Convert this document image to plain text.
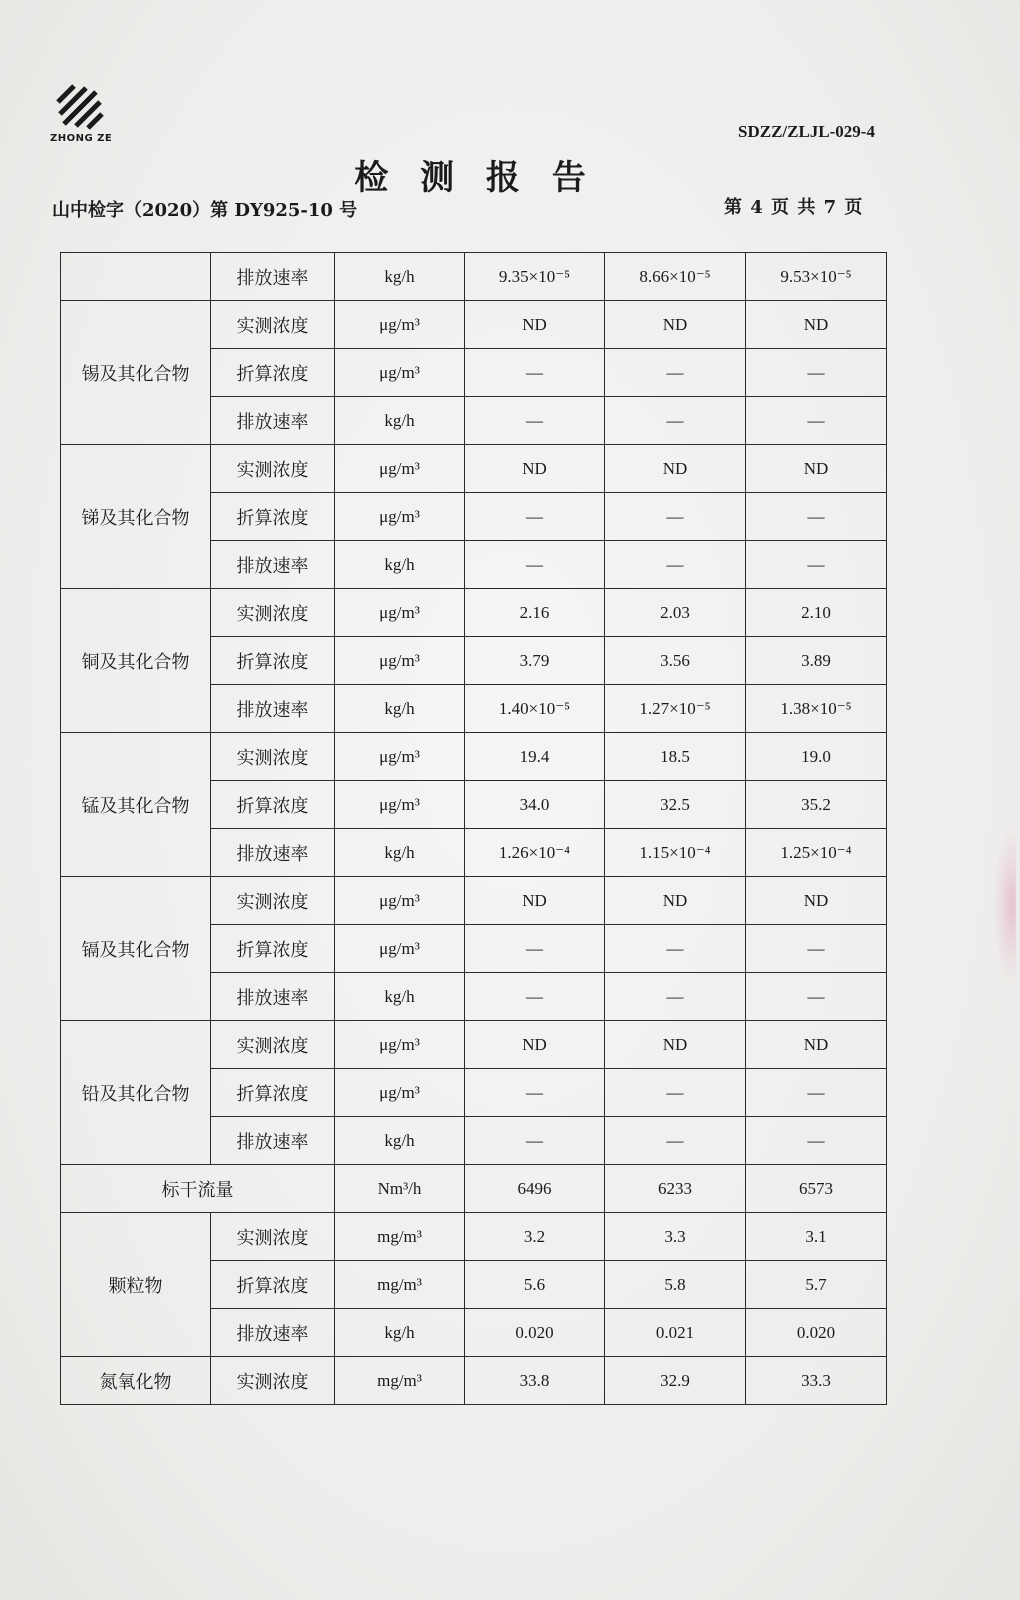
ZHONG ZE	SDZZ/ZLJL-029-4
检 测 报 告
山中检字（2020）第 DY925-10 号	第 4 页 共 7 页
	排放速率	kg/h	9.35×10⁻⁵	8.66×10⁻⁵	9.53×10⁻⁵
锡及其化合物	实测浓度	μg/m³	ND	ND	ND
	折算浓度	μg/m³	—	—	—
	排放速率	kg/h	—	—	—
锑及其化合物	实测浓度	μg/m³	ND	ND	ND
	折算浓度	μg/m³	—	—	—
	排放速率	kg/h	—	—	—
铜及其化合物	实测浓度	μg/m³	2.16	2.03	2.10
	折算浓度	μg/m³	3.79	3.56	3.89
	排放速率	kg/h	1.40×10⁻⁵	1.27×10⁻⁵	1.38×10⁻⁵
锰及其化合物	实测浓度	μg/m³	19.4	18.5	19.0
	折算浓度	μg/m³	34.0	32.5	35.2
	排放速率	kg/h	1.26×10⁻⁴	1.15×10⁻⁴	1.25×10⁻⁴
镉及其化合物	实测浓度	μg/m³	ND	ND	ND
	折算浓度	μg/m³	—	—	—
	排放速率	kg/h	—	—	—
铅及其化合物	实测浓度	μg/m³	ND	ND	ND
	折算浓度	μg/m³	—	—	—
	排放速率	kg/h	—	—	—
标干流量		Nm³/h	6496	6233	6573
颗粒物	实测浓度	mg/m³	3.2	3.3	3.1
	折算浓度	mg/m³	5.6	5.8	5.7
	排放速率	kg/h	0.020	0.021	0.020
氮氧化物	实测浓度	mg/m³	33.8	32.9	33.3
